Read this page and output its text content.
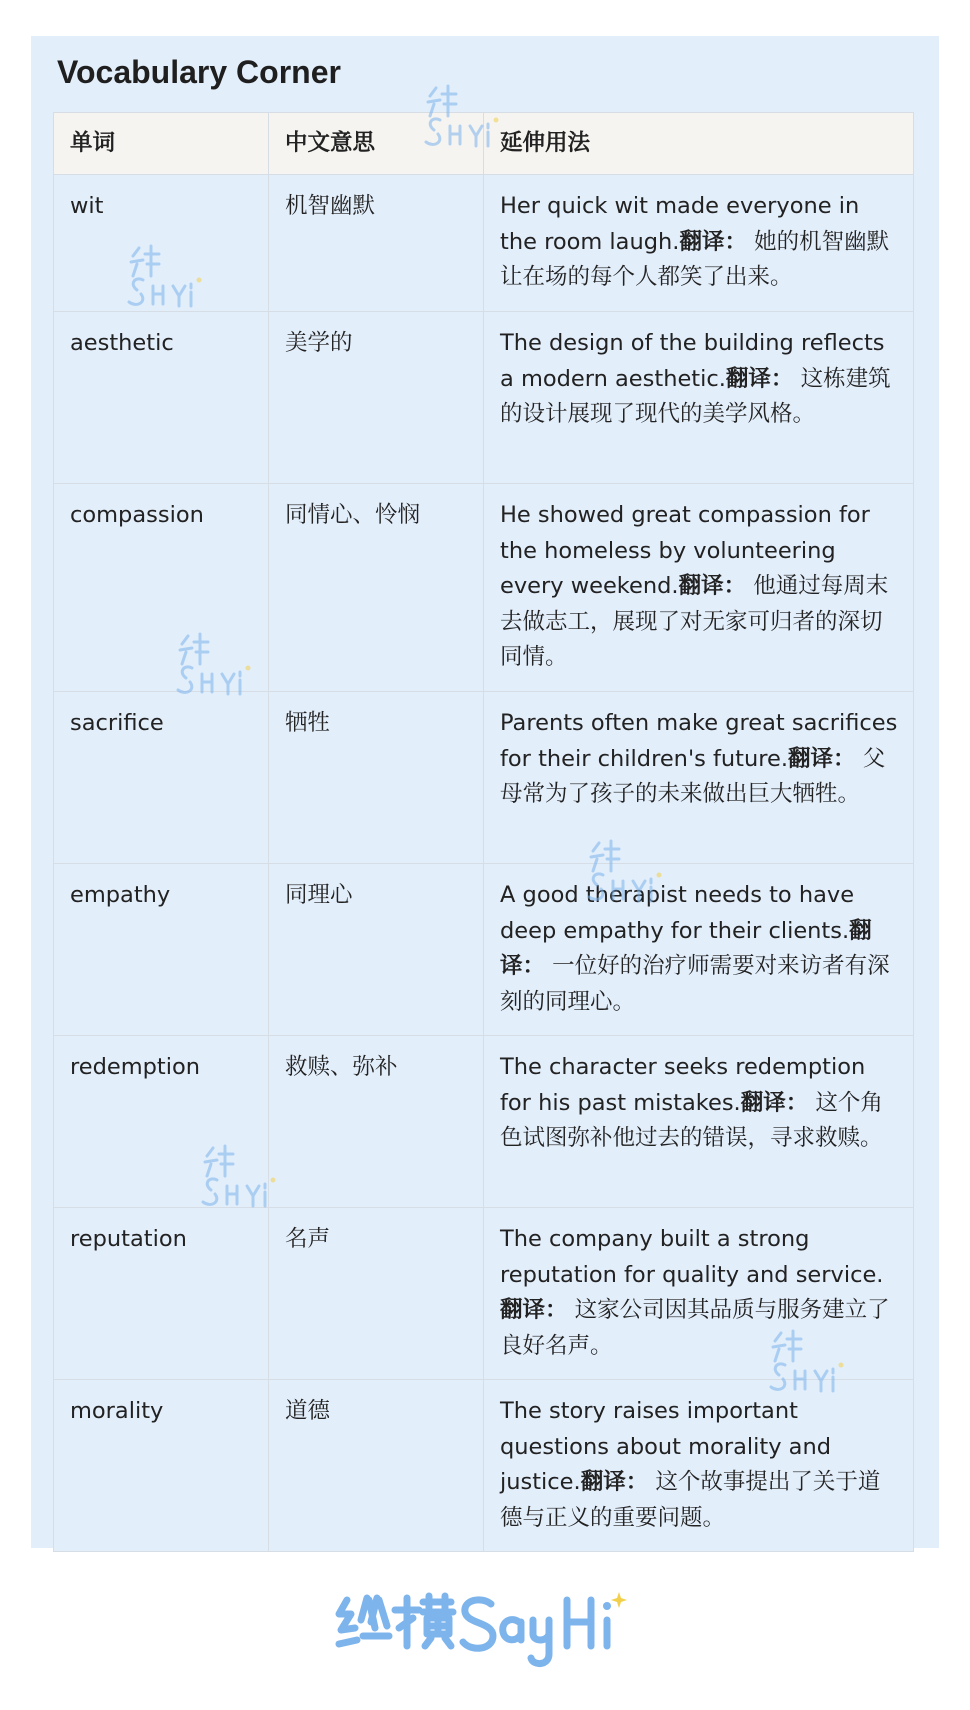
Vocabulary Corner
单词	中文意思	延伸用法
wit	机智幽默	Her quick wit made everyone in the room laugh.翻译： 她的机智幽默让在场的每个人都笑了出来。
aesthetic	美学的	The design of the building reflects a modern aesthetic.翻译： 这栋建筑的设计展现了现代的美学风格。
compassion	同情心、怜悯	He showed great compassion for the homeless by volunteering every weekend.翻译： 他通过每周末去做志工，展现了对无家可归者的深切同情。
sacrifice	牺牲	Parents often make great sacrifices for their children's future.翻译： 父母常为了孩子的未来做出巨大牺牲。
empathy	同理心	A good therapist needs to have deep empathy for their clients.翻译： 一位好的治疗师需要对来访者有深刻的同理心。
redemption	救赎、弥补	The character seeks redemption for his past mistakes.翻译： 这个角色试图弥补他过去的错误，寻求救赎。
reputation	名声	The company built a strong reputation for quality and service.翻译： 这家公司因其品质与服务建立了良好名声。
morality	道德	The story raises important questions about morality and justice.翻译： 这个故事提出了关于道德与正义的重要问题。
